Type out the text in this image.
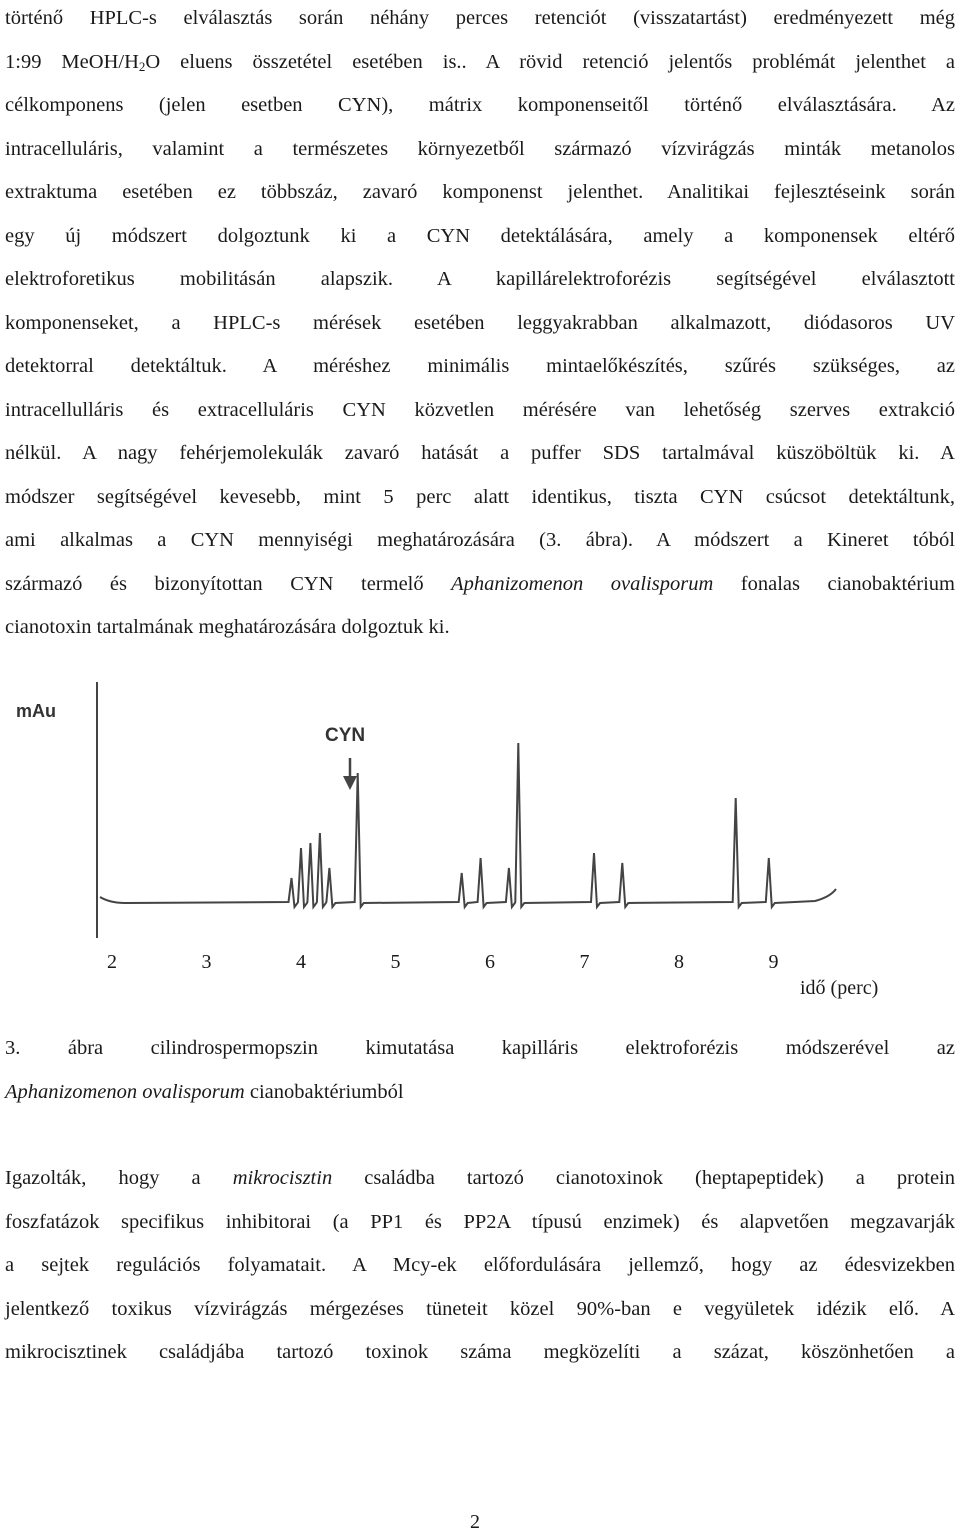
történő HPLC-s elválasztás során néhány perces retenciót (visszatartást) eredményezett még
1:99 MeOH/$H_2O$ eluens összetétel esetében is.. A rövid retenció jelentős problémát jelenthet a
célkomponens (jelen esetben CYN), mátrix komponenseitől történő elválasztására. Az
intracelluláris, valamint a természetes környezetből származó vízvirágzás minták metanolos
extraktuma esetében ez többszáz, zavaró komponenst jelenthet. Analitikai fejlesztéseink során
egy új módszert dolgoztunk ki a CYN detektálására, amely a komponensek eltérő
elektroforetikus mobilitásán alapszik. A kapillárelektroforézis segítségével elválasztott
komponenseket, a HPLC-s mérések esetében leggyakrabban alkalmazott, diódasoros UV
detektorral detektáltuk. A méréshez minimális mintaelőkészítés, szűrés szükséges, az
intracellulláris és extracelluláris CYN közvetlen mérésére van lehetőség szerves extrakció
nélkül. A nagy fehérjemolekulák zavaró hatását a puffer SDS tartalmával küszöböltük ki. A
módszer segítségével kevesebb, mint 5 perc alatt identikus, tiszta CYN csúcsot detektáltunk,
ami alkalmas a CYN mennyiségi meghatározására (3. ábra). A módszert a Kineret tóból
származó és bizonyítottan CYN termelő Aphanizomenon ovalisporum fonalas cianobaktérium
cianotoxin tartalmának meghatározására dolgoztuk ki.
mAu
CYN
2	3	4	5	6	7	8	9
idő (perc)
3. ábra cilindrospermopszin kimutatása kapilláris elektroforézis módszerével az
Aphanizomenon ovalisporum cianobaktériumból
Igazolták, hogy a mikrocisztin családba tartozó cianotoxinok (heptapeptidek) a protein
foszfatázok specifikus inhibitorai (a PP1 és PP2A típusú enzimek) és alapvetően megzavarják
a sejtek regulációs folyamatait. A Mcy-ek előfordulására jellemző, hogy az édesvizekben
jelentkező toxikus vízvirágzás mérgezéses tüneteit közel 90%-ban e vegyületek idézik elő. A
mikrocisztinek családjába tartozó toxinok száma megközelíti a százat, köszönhetően a
2
